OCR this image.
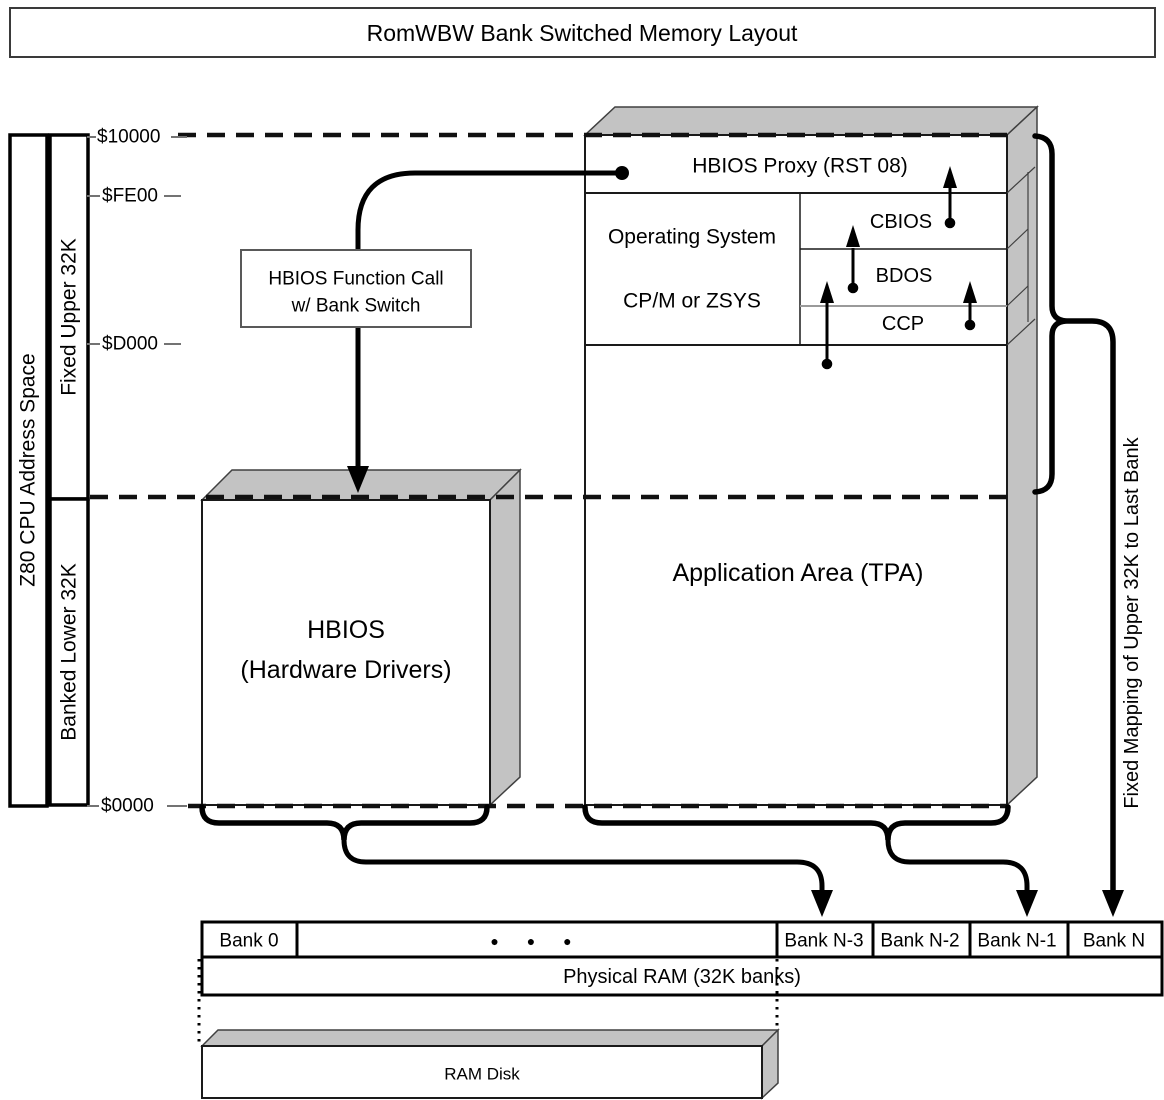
RomWBW Bank Switched Memory Layout
HBIOS Proxy (RST 08)
Operating System
CP/M or ZSYS
CBIOS
BDOS
CCP
Application Area (TPA)
HBIOS
(Hardware Drivers)
Z80 CPU Address Space
Fixed Upper 32K
Banked Lower 32K
$10000
$FE00
$D000
$0000
HBIOS Function Call
w/ Bank Switch
Fixed Mapping of Upper 32K to Last Bank
Bank 0	● ● ●	Bank N-3 Bank N-2 Bank N-1 Bank N
Physical RAM (32K banks)
RAM Disk
